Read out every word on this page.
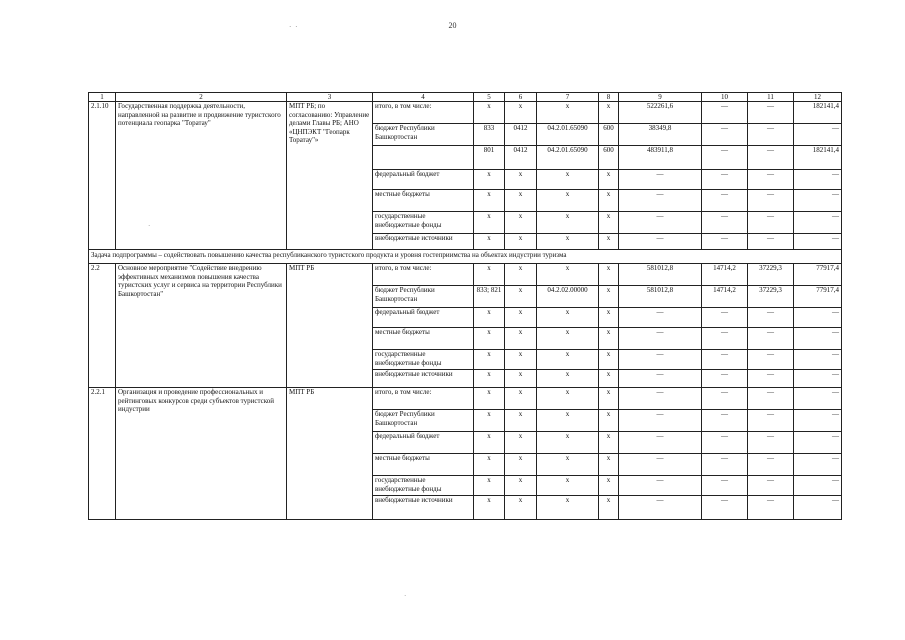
20
· ·
·
·
1	2	3	4	5	6	7	8	9	10	11	12
2.1.10	Государственная поддержка деятельности, направленной на развитие и продвижение туристского потенциала геопарка "Торатау"	МПТ РБ; по согласованию: Управление делами Главы РБ; АНО «ЦНПЭКТ "Геопарк Торатау"»	итого, в том числе:	x	x	x	x	522261,6	—	—	182141,4
			бюджет Республики Башкортостан	833	0412	04.2.01.65090	600	38349,8	—	—	—
				801	0412	04.2.01.65090	600	483911,8	—	—	182141,4
			федеральный бюджет	x	x	x	x	—	—	—	—
			местные бюджеты	x	x	x	x	—	—	—	—
			государственные внебюджетные фонды	x	x	x	x	—	—	—	—
			внебюджетные источники	x	x	x	x	—	—	—	—
Задача подпрограммы – содействовать повышению качества республиканского туристского продукта и уровня гостеприимства на объектах индустрии туризма											
2.2	Основное мероприятие "Содействие внедрению эффективных механизмов повышения качества туристских услуг и сервиса на территории Республики Башкортостан"	МПТ РБ	итого, в том числе:	x	x	x	x	581012,8	14714,2	37229,3	77917,4
			бюджет Республики Башкортостан	833; 821	x	04.2.02.00000	x	581012,8	14714,2	37229,3	77917,4
			федеральный бюджет	x	x	x	x	—	—	—	—
			местные бюджеты	x	x	x	x	—	—	—	—
			государственные внебюджетные фонды	x	x	x	x	—	—	—	—
			внебюджетные источники	x	x	x	x	—	—	—	—
2.2.1	Организация и проведение профессиональных и рейтинговых конкурсов среди субъектов туристской индустрии	МПТ РБ	итого, в том числе:	x	x	x	x	—	—	—	—
			бюджет Республики Башкортостан	x	x	x	x	—	—	—	—
			федеральный бюджет	x	x	x	x	—	—	—	—
			местные бюджеты	x	x	x	x	—	—	—	—
			государственные внебюджетные фонды	x	x	x	x	—	—	—	—
			внебюджетные источники	x	x	x	x	—	—	—	—
